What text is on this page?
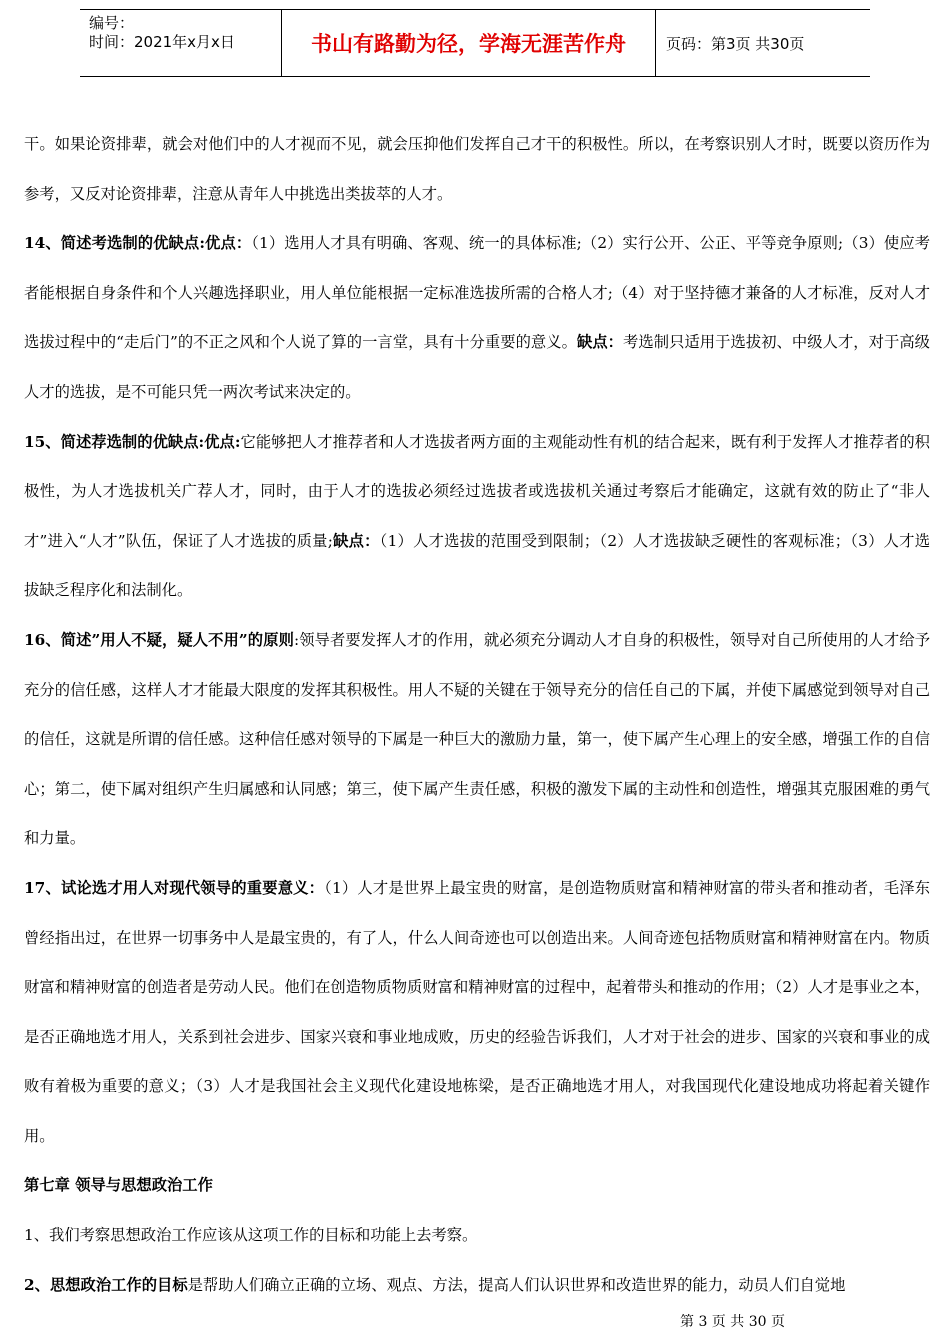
编号：
时间：2021年x月x日	书山有路勤为径，学海无涯苦作舟	页码：第3页 共30页

干。如果论资排辈，就会对他们中的人才视而不见，就会压抑他们发挥自己才干的积极性。所以，在考察识别人才时，既要以资历作为参考，又反对论资排辈，注意从青年人中挑选出类拔萃的人才。

14、简述考选制的优缺点:优点：（1）选用人才具有明确、客观、统一的具体标准;（2）实行公开、公正、平等竞争原则;（3）使应考者能根据自身条件和个人兴趣选择职业，用人单位能根据一定标准选拔所需的合格人才;（4）对于坚持德才兼备的人才标准，反对人才选拔过程中的“走后门”的不正之风和个人说了算的一言堂，具有十分重要的意义。缺点：考选制只适用于选拔初、中级人才，对于高级人才的选拔，是不可能只凭一两次考试来决定的。

15、简述荐选制的优缺点:优点:它能够把人才推荐者和人才选拔者两方面的主观能动性有机的结合起来，既有利于发挥人才推荐者的积极性，为人才选拔机关广荐人才，同时，由于人才的选拔必须经过选拔者或选拔机关通过考察后才能确定，这就有效的防止了“非人才”进入“人才”队伍，保证了人才选拔的质量;缺点：（1）人才选拔的范围受到限制；（2）人才选拔缺乏硬性的客观标准；（3）人才选拔缺乏程序化和法制化。

16、简述”用人不疑，疑人不用”的原则:领导者要发挥人才的作用，就必须充分调动人才自身的积极性，领导对自己所使用的人才给予充分的信任感，这样人才才能最大限度的发挥其积极性。用人不疑的关键在于领导充分的信任自己的下属，并使下属感觉到领导对自己的信任，这就是所谓的信任感。这种信任感对领导的下属是一种巨大的激励力量，第一，使下属产生心理上的安全感，增强工作的自信心；第二，使下属对组织产生归属感和认同感；第三，使下属产生责任感，积极的激发下属的主动性和创造性，增强其克服困难的勇气和力量。

17、试论选才用人对现代领导的重要意义：（1）人才是世界上最宝贵的财富，是创造物质财富和精神财富的带头者和推动者，毛泽东曾经指出过，在世界一切事务中人是最宝贵的，有了人，什么人间奇迹也可以创造出来。人间奇迹包括物质财富和精神财富在内。物质财富和精神财富的创造者是劳动人民。他们在创造物质物质财富和精神财富的过程中，起着带头和推动的作用；（2）人才是事业之本，是否正确地选才用人，关系到社会进步、国家兴衰和事业地成败，历史的经验告诉我们，人才对于社会的进步、国家的兴衰和事业的成败有着极为重要的意义；（3）人才是我国社会主义现代化建设地栋梁，是否正确地选才用人，对我国现代化建设地成功将起着关键作用。

第七章 领导与思想政治工作

1、我们考察思想政治工作应该从这项工作的目标和功能上去考察。

2、思想政治工作的目标是帮助人们确立正确的立场、观点、方法，提高人们认识世界和改造世界的能力，动员人们自觉地

第 3 页 共 30 页
